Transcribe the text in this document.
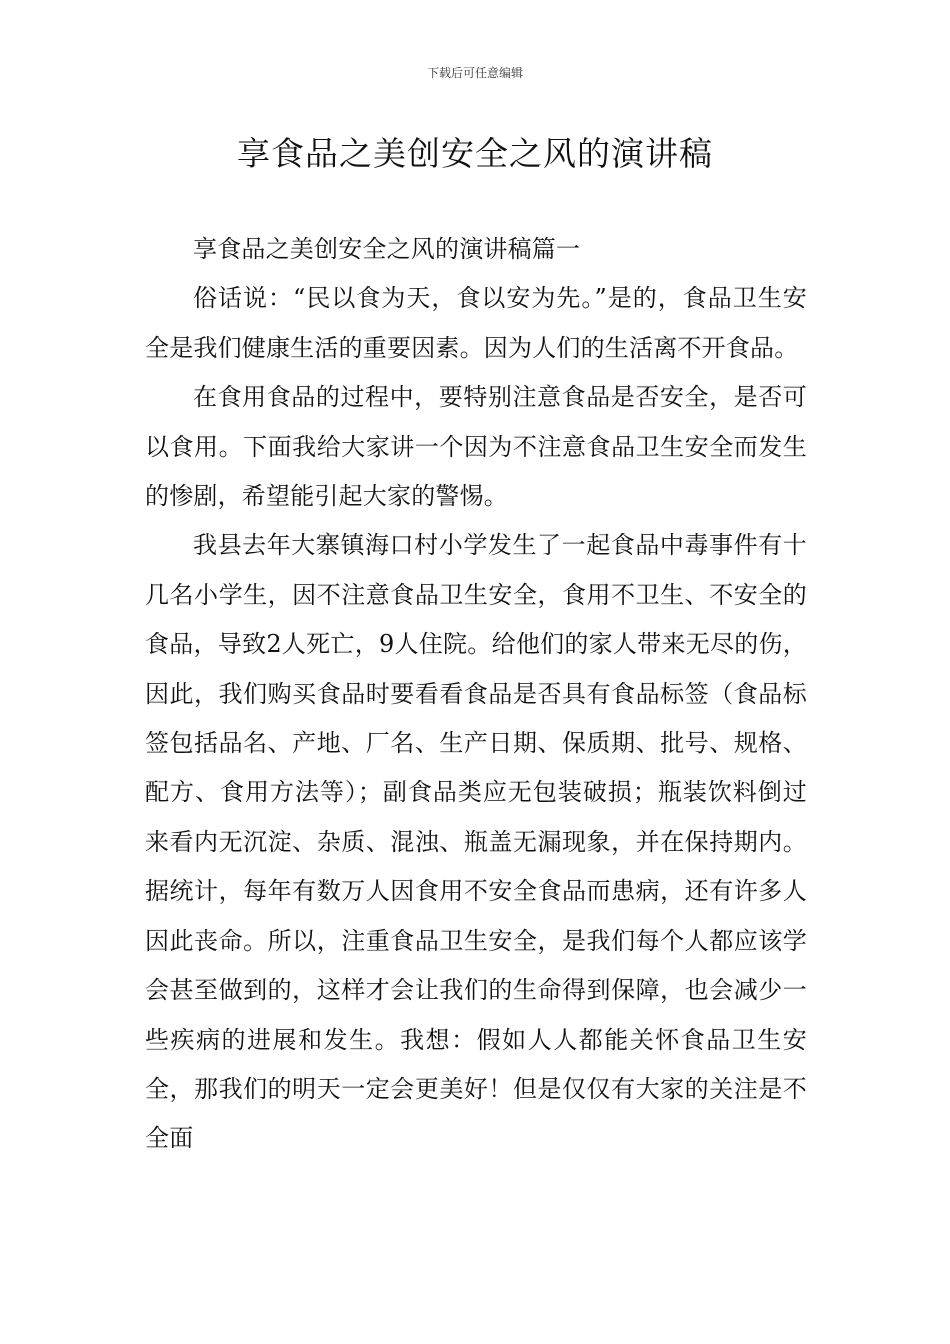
下载后可任意编辑
享食品之美创安全之风的演讲稿

享食品之美创安全之风的演讲稿篇一

俗话说：“民以食为天，食以安为先。”是的，食品卫生安全是我们健康生活的重要因素。因为人们的生活离不开食品。

在食用食品的过程中，要特别注意食品是否安全，是否可以食用。下面我给大家讲一个因为不注意食品卫生安全而发生的惨剧，希望能引起大家的警惕。

我县去年大寨镇海口村小学发生了一起食品中毒事件有十几名小学生，因不注意食品卫生安全，食用不卫生、不安全的食品，导致2人死亡，9人住院。给他们的家人带来无尽的伤，因此，我们购买食品时要看看食品是否具有食品标签（食品标签包括品名、产地、厂名、生产日期、保质期、批号、规格、配方、食用方法等）；副食品类应无包装破损；瓶装饮料倒过来看内无沉淀、杂质、混浊、瓶盖无漏现象，并在保持期内。据统计，每年有数万人因食用不安全食品而患病，还有许多人因此丧命。所以，注重食品卫生安全，是我们每个人都应该学会甚至做到的，这样才会让我们的生命得到保障，也会减少一些疾病的进展和发生。我想：假如人人都能关怀食品卫生安全，那我们的明天一定会更美好！但是仅仅有大家的关注是不全面
